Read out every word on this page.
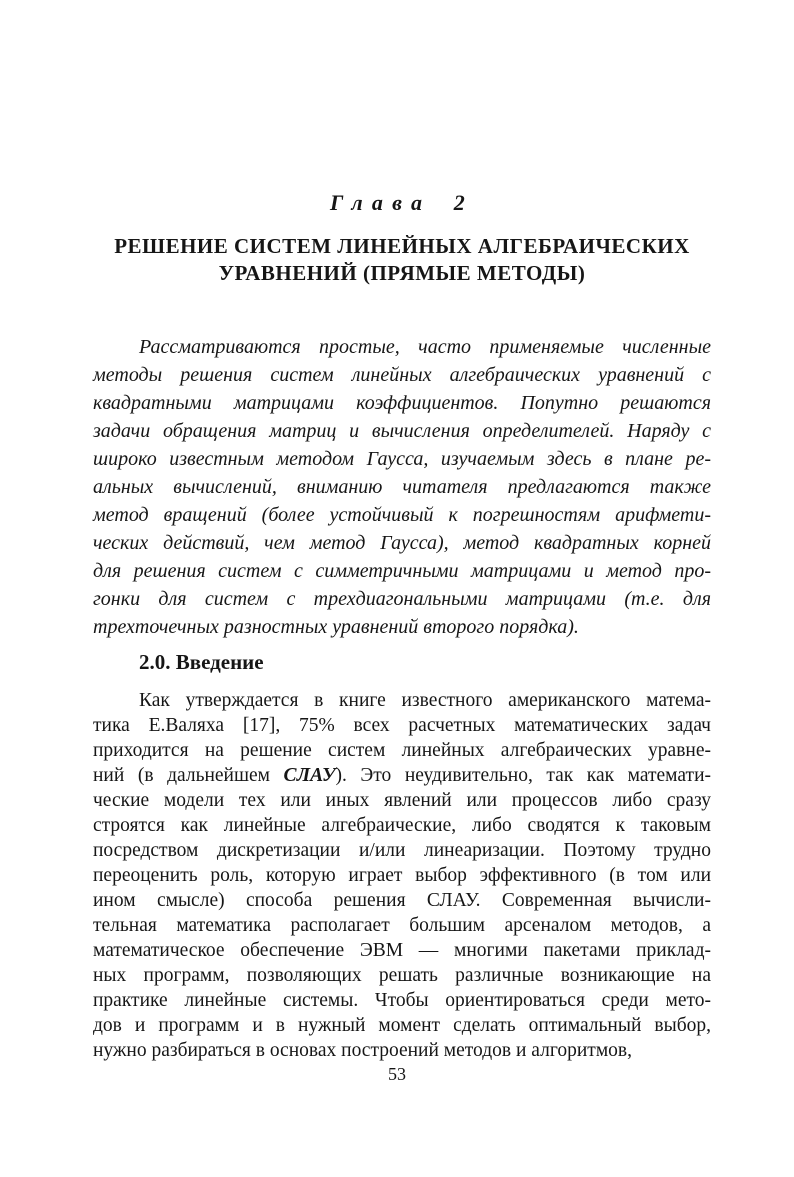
Глава 2
РЕШЕНИЕ СИСТЕМ ЛИНЕЙНЫХ АЛГЕБРАИЧЕСКИХ
УРАВНЕНИЙ (ПРЯМЫЕ МЕТОДЫ)
Рассматриваются простые, часто применяемые численные
методы решения систем линейных алгебраических уравнений с
квадратными матрицами коэффициентов. Попутно решаются
задачи обращения матриц и вычисления определителей. Наряду с
широко известным методом Гаусса, изучаемым здесь в плане ре-
альных вычислений, вниманию читателя предлагаются также
метод вращений (более устойчивый к погрешностям арифмети-
ческих действий, чем метод Гаусса), метод квадратных корней
для решения систем с симметричными матрицами и метод про-
гонки для систем с трехдиагональными матрицами (т.е. для
трехточечных разностных уравнений второго порядка).
2.0. Введение
Как утверждается в книге известного американского матема-
тика Е.Валяха [17], 75% всех расчетных математических задач
приходится на решение систем линейных алгебраических уравне-
ний (в дальнейшем СЛАУ). Это неудивительно, так как математи-
ческие модели тех или иных явлений или процессов либо сразу
строятся как линейные алгебраические, либо сводятся к таковым
посредством дискретизации и/или линеаризации. Поэтому трудно
переоценить роль, которую играет выбор эффективного (в том или
ином смысле) способа решения СЛАУ. Современная вычисли-
тельная математика располагает большим арсеналом методов, а
математическое обеспечение ЭВМ — многими пакетами приклад-
ных программ, позволяющих решать различные возникающие на
практике линейные системы. Чтобы ориентироваться среди мето-
дов и программ и в нужный момент сделать оптимальный выбор,
нужно разбираться в основах построений методов и алгоритмов,
53
